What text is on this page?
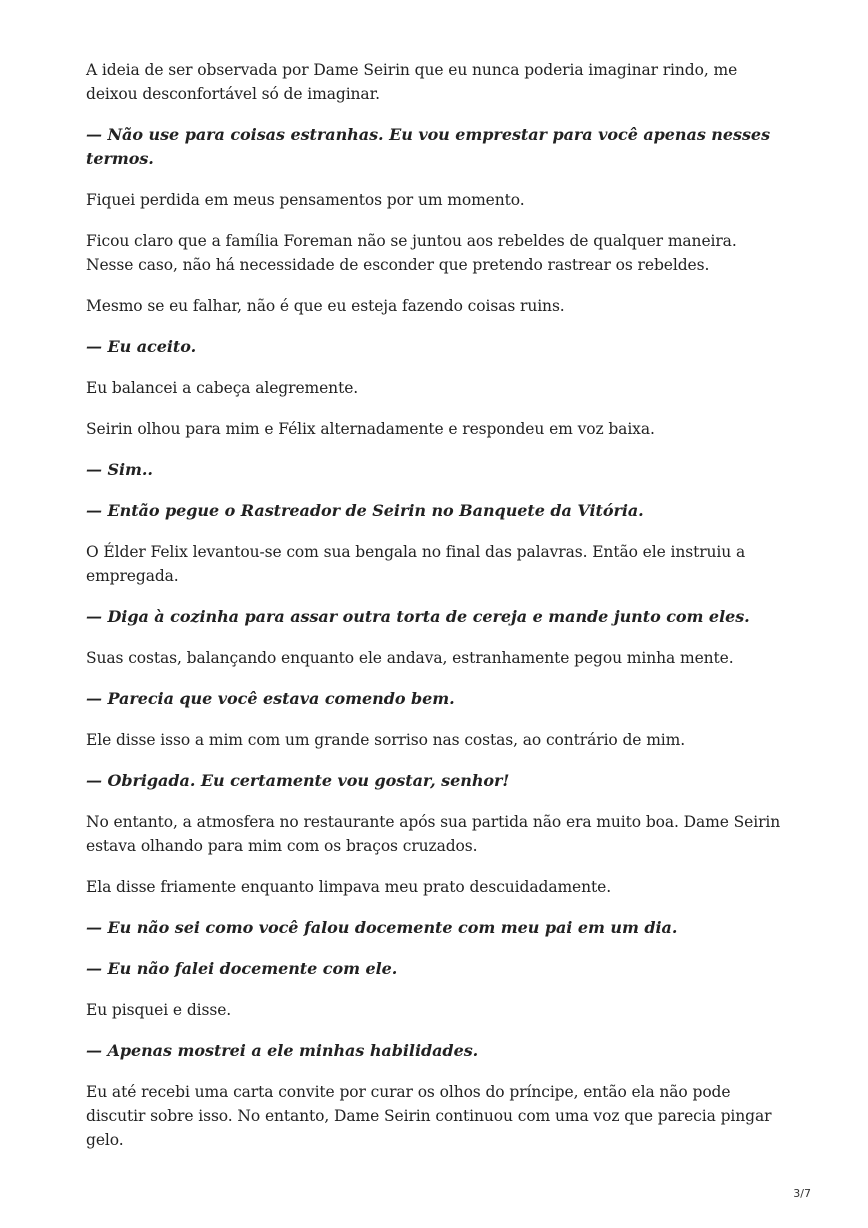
A ideia de ser observada por Dame Seirin que eu nunca poderia imaginar rindo, me deixou desconfortável só de imaginar.

— Não use para coisas estranhas. Eu vou emprestar para você apenas nesses termos.

Fiquei perdida em meus pensamentos por um momento.

Ficou claro que a família Foreman não se juntou aos rebeldes de qualquer maneira. Nesse caso, não há necessidade de esconder que pretendo rastrear os rebeldes.

Mesmo se eu falhar, não é que eu esteja fazendo coisas ruins.

— Eu aceito.

Eu balancei a cabeça alegremente.

Seirin olhou para mim e Félix alternadamente e respondeu em voz baixa.

— Sim..

— Então pegue o Rastreador de Seirin no Banquete da Vitória.

O Élder Felix levantou-se com sua bengala no final das palavras. Então ele instruiu a empregada.

— Diga à cozinha para assar outra torta de cereja e mande junto com eles.

Suas costas, balançando enquanto ele andava, estranhamente pegou minha mente.

— Parecia que você estava comendo bem.

Ele disse isso a mim com um grande sorriso nas costas, ao contrário de mim.

— Obrigada. Eu certamente vou gostar, senhor!

No entanto, a atmosfera no restaurante após sua partida não era muito boa. Dame Seirin estava olhando para mim com os braços cruzados.

Ela disse friamente enquanto limpava meu prato descuidadamente.

— Eu não sei como você falou docemente com meu pai em um dia.

— Eu não falei docemente com ele.

Eu pisquei e disse.

— Apenas mostrei a ele minhas habilidades.

Eu até recebi uma carta convite por curar os olhos do príncipe, então ela não pode discutir sobre isso. No entanto, Dame Seirin continuou com uma voz que parecia pingar gelo.

3/7
